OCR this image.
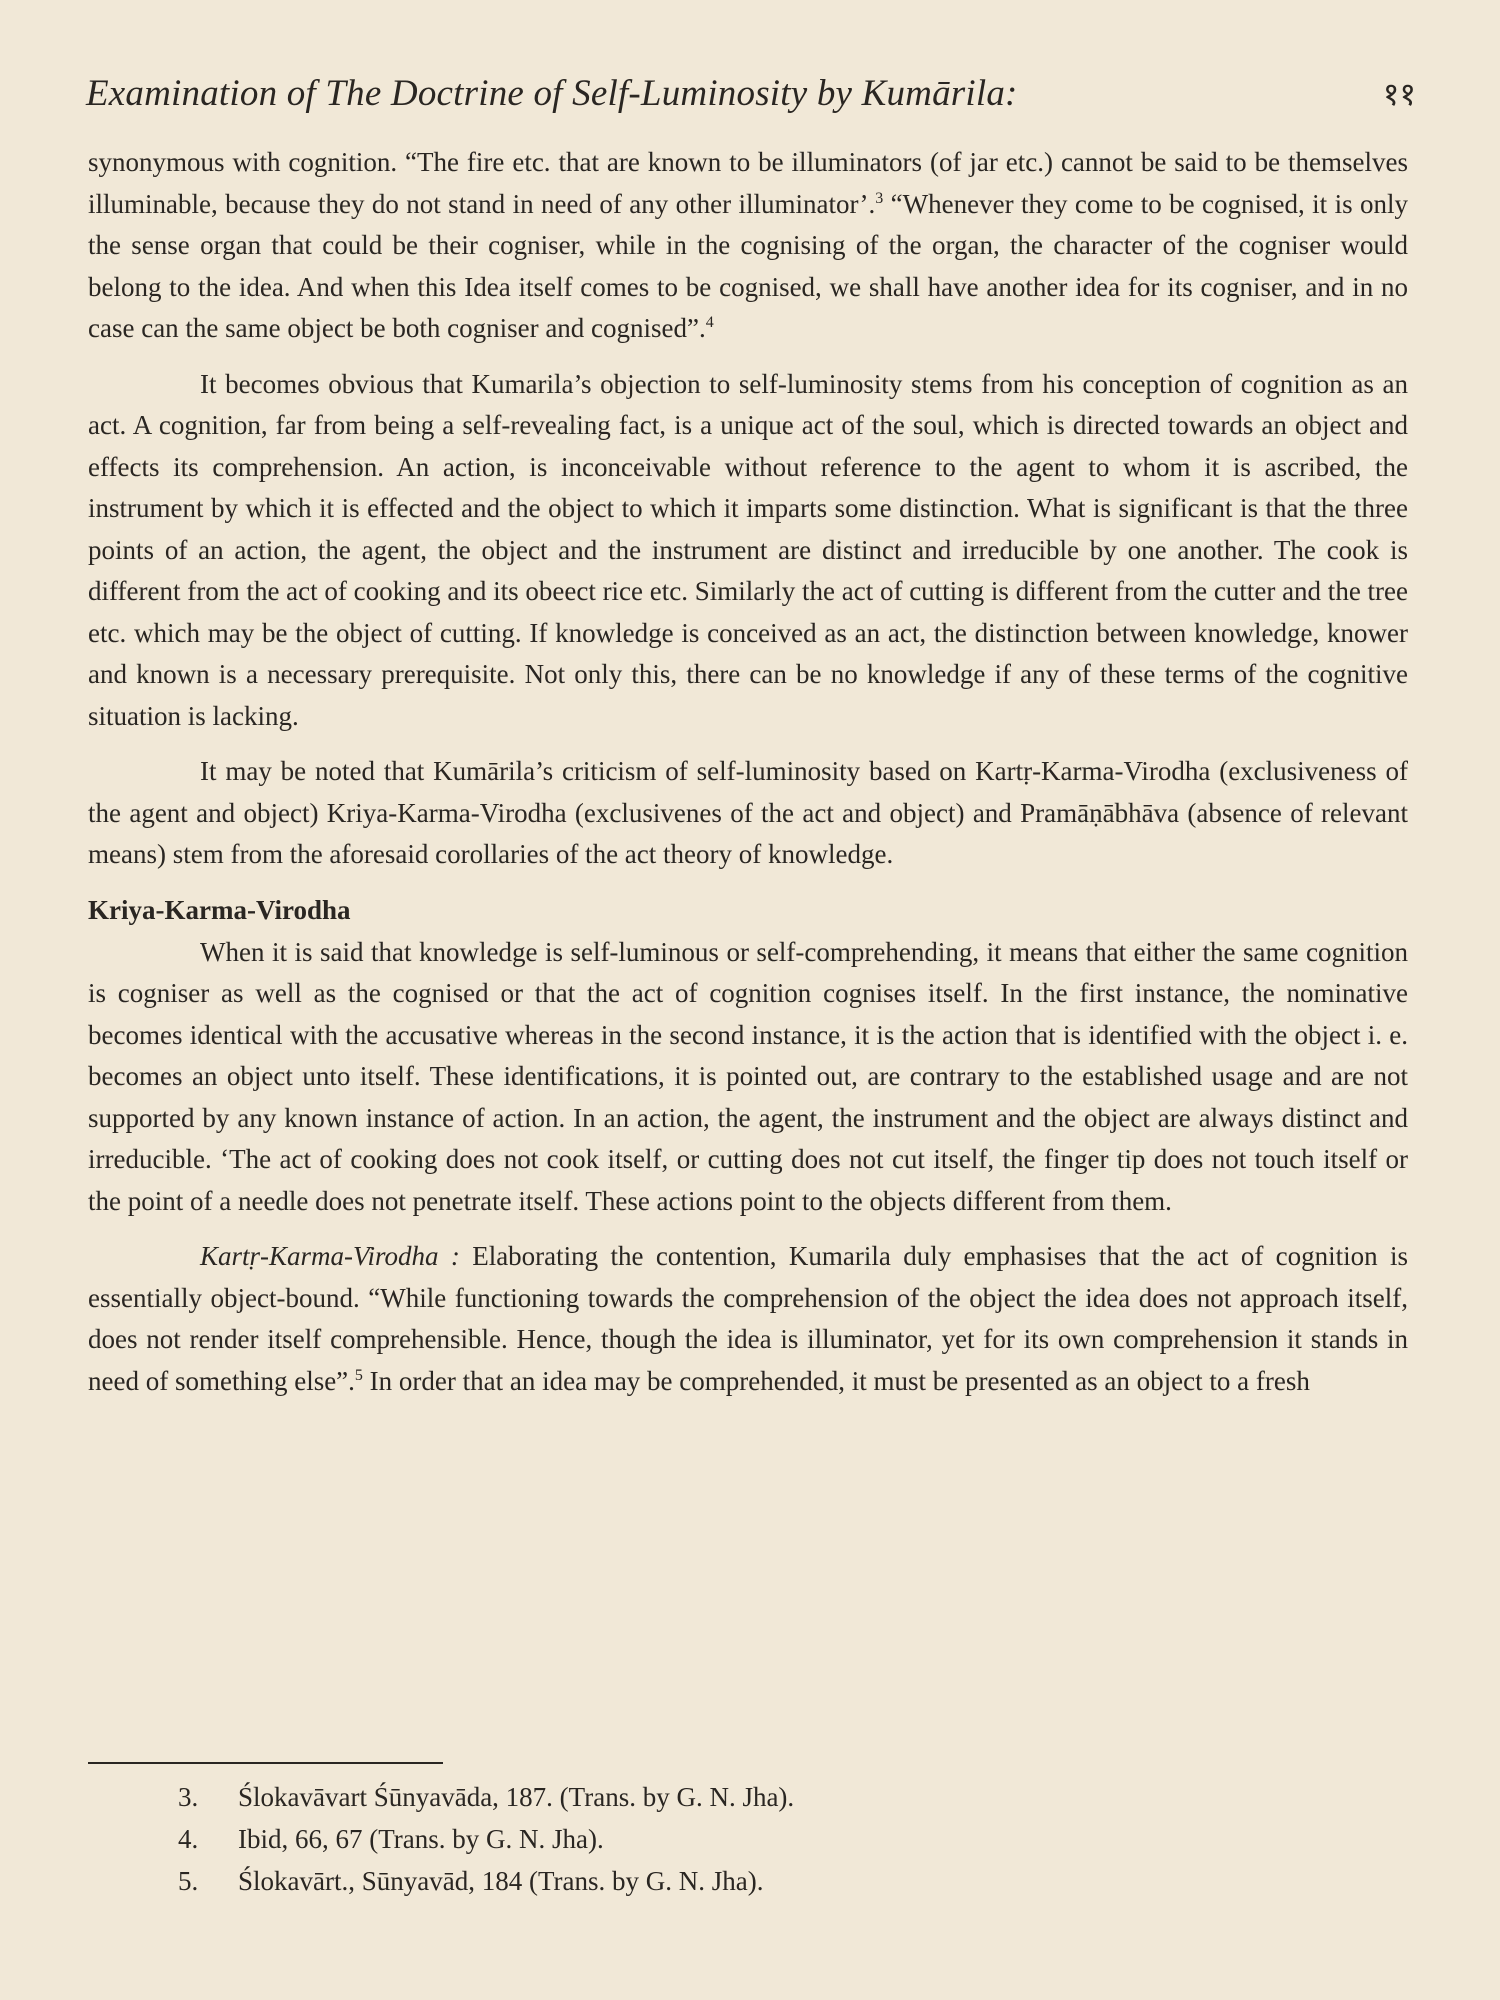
Examination of The Doctrine of Self-Luminosity by Kumārila:	११

synonymous with cognition. “The fire etc. that are known to be illuminators (of jar etc.) cannot be said to be themselves illuminable, because they do not stand in need of any other illuminator’.$^3$ “Whenever they come to be cognised, it is only the sense organ that could be their cogniser, while in the cognising of the organ, the character of the cogniser would belong to the idea. And when this Idea itself comes to be cognised, we shall have another idea for its cogniser, and in no case can the same object be both cogniser and cognised”.$^4$

It becomes obvious that Kumarila’s objection to self-luminosity stems from his conception of cognition as an act. A cognition, far from being a self-revealing fact, is a unique act of the soul, which is directed towards an object and effects its comprehension. An action, is inconceivable without reference to the agent to whom it is ascribed, the instrument by which it is effected and the object to which it imparts some distinction. What is significant is that the three points of an action, the agent, the object and the instrument are distinct and irreducible by one another. The cook is different from the act of cooking and its obeect rice etc. Similarly the act of cutting is different from the cutter and the tree etc. which may be the object of cutting. If knowledge is conceived as an act, the distinction between knowledge, knower and known is a necessary prerequisite. Not only this, there can be no knowledge if any of these terms of the cognitive situation is lacking.

It may be noted that Kumārila’s criticism of self-luminosity based on Kartṛ-Karma-Virodha (exclusiveness of the agent and object) Kriya-Karma-Virodha (exclusivenes of the act and object) and Pramāṇābhāva (absence of relevant means) stem from the aforesaid corollaries of the act theory of knowledge.

Kriya-Karma-Virodha

When it is said that knowledge is self-luminous or self-comprehending, it means that either the same cognition is cogniser as well as the cognised or that the act of cognition cognises itself. In the first instance, the nominative becomes identical with the accusative whereas in the second instance, it is the action that is identified with the object i. e. becomes an object unto itself. These identifications, it is pointed out, are contrary to the established usage and are not supported by any known instance of action. In an action, the agent, the instrument and the object are always distinct and irreducible. ‘The act of cooking does not cook itself, or cutting does not cut itself, the finger tip does not touch itself or the point of a needle does not penetrate itself. These actions point to the objects different from them.

Kartṛ-Karma-Virodha : Elaborating the contention, Kumarila duly emphasises that the act of cognition is essentially object-bound. “While functioning towards the comprehension of the object the idea does not approach itself, does not render itself comprehensible. Hence, though the idea is illuminator, yet for its own comprehension it stands in need of something else”.$^5$ In order that an idea may be comprehended, it must be presented as an object to a fresh

3. Ślokavāvart Śūnyavāda, 187. (Trans. by G. N. Jha).
4. Ibid, 66, 67 (Trans. by G. N. Jha).
5. Ślokavārt., Sūnyavād, 184 (Trans. by G. N. Jha).
